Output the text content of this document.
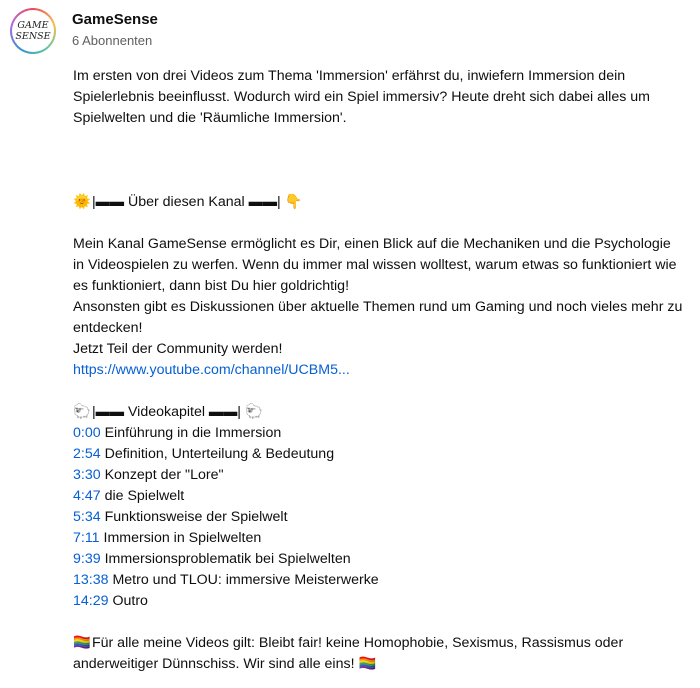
GAME
SENSE
GameSense
6 Abonnenten

Im ersten von drei Videos zum Thema 'Immersion' erfährst du, inwiefern Immersion dein Spielerlebnis beeinflusst. Wodurch wird ein Spiel immersiv? Heute dreht sich dabei alles um Spielwelten und die 'Räumliche Immersion'.

🌞 |▬▬ Über diesen Kanal ▬▬| 👇

Mein Kanal GameSense ermöglicht es Dir, einen Blick auf die Mechaniken und die Psychologie in Videospielen zu werfen. Wenn du immer mal wissen wolltest, warum etwas so funktioniert wie es funktioniert, dann bist Du hier goldrichtig!

Ansonsten gibt es Diskussionen über aktuelle Themen rund um Gaming und noch vieles mehr zu entdecken!

Jetzt Teil der Community werden!

https://www.youtube.com/channel/UCBM5...

🐑 |▬▬ Videokapitel ▬▬| 🐑

0:00 Einführung in die Immersion

2:54 Definition, Unterteilung & Bedeutung

3:30 Konzept der "Lore"

4:47 die Spielwelt

5:34 Funktionsweise der Spielwelt

7:11 Immersion in Spielwelten

9:39 Immersionsproblematik bei Spielwelten

13:38 Metro und TLOU: immersive Meisterwerke

14:29 Outro

🏳️‍🌈 Für alle meine Videos gilt: Bleibt fair! keine Homophobie, Sexismus, Rassismus oder anderweitiger Dünnschiss. Wir sind alle eins! 🏳️‍🌈
